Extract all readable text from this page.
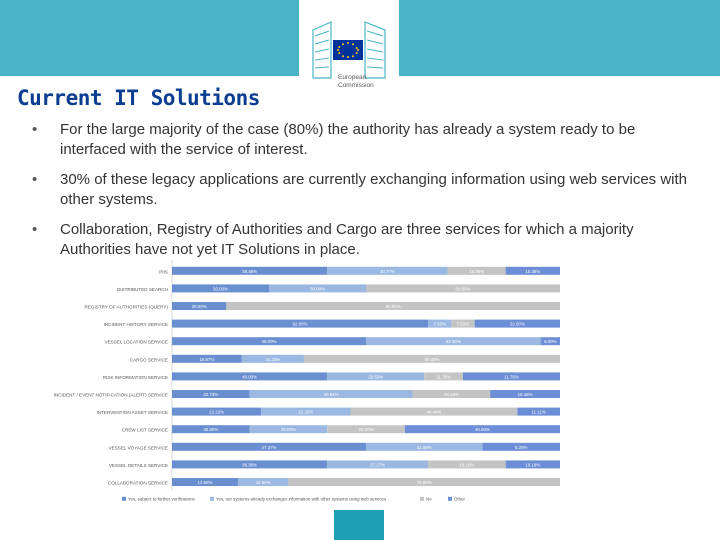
European
Commission
Current IT Solutions
• For the large majority of the case (80%) the authority has already a system ready to be interfaced with the service of interest.
• 30% of these legacy applications are currently exchanging information using web services with other systems.
• Collaboration, Registry of Authorities and Cargo are three services for which a majority Authorities have not yet IT Solutions in place.
IRIS	38.46%	30.77%	15.38%	15.38%
DISTRIBUTED SEARCH	30.00%	30.00%	50.00%
REGISTRY OF AUTHORITIES (QUERY)	20.00%	80.00%
INCIDENT HISTORY SERVICE	62.50%	7.50% 7.50%	22.50%
VESSEL LOCATION SERVICE	45.00%	53.33%	5.00%
CARGO SERVICE	16.67%	33.33%	50.00%
RISK INFORMATION SERVICE	40.00%	23.53%	11.76%	11.76%
INCIDENT / EVENT NOTIFICATION (ALERT) SERVICE	22.73%	40.91%	18.18%	18.18%
INTERVENTION ASSET SERVICE	22.22%	22.22%	44.44%	11.11%
CREW LIST SERVICE	40.00%	20.00%	20.00%	40.00%
VESSEL VOYAGE SERVICE	47.37%	31.58%	5.26%
VESSEL DETAILS SERVICE	36.36%	27.27%	18.18%	18.18%
COLLABORATION SERVICE	12.50%	12.50%	75.00%
Yes, subject to further verifications	Yes, our systems already exchanges information with other systems using web services	No	Other
